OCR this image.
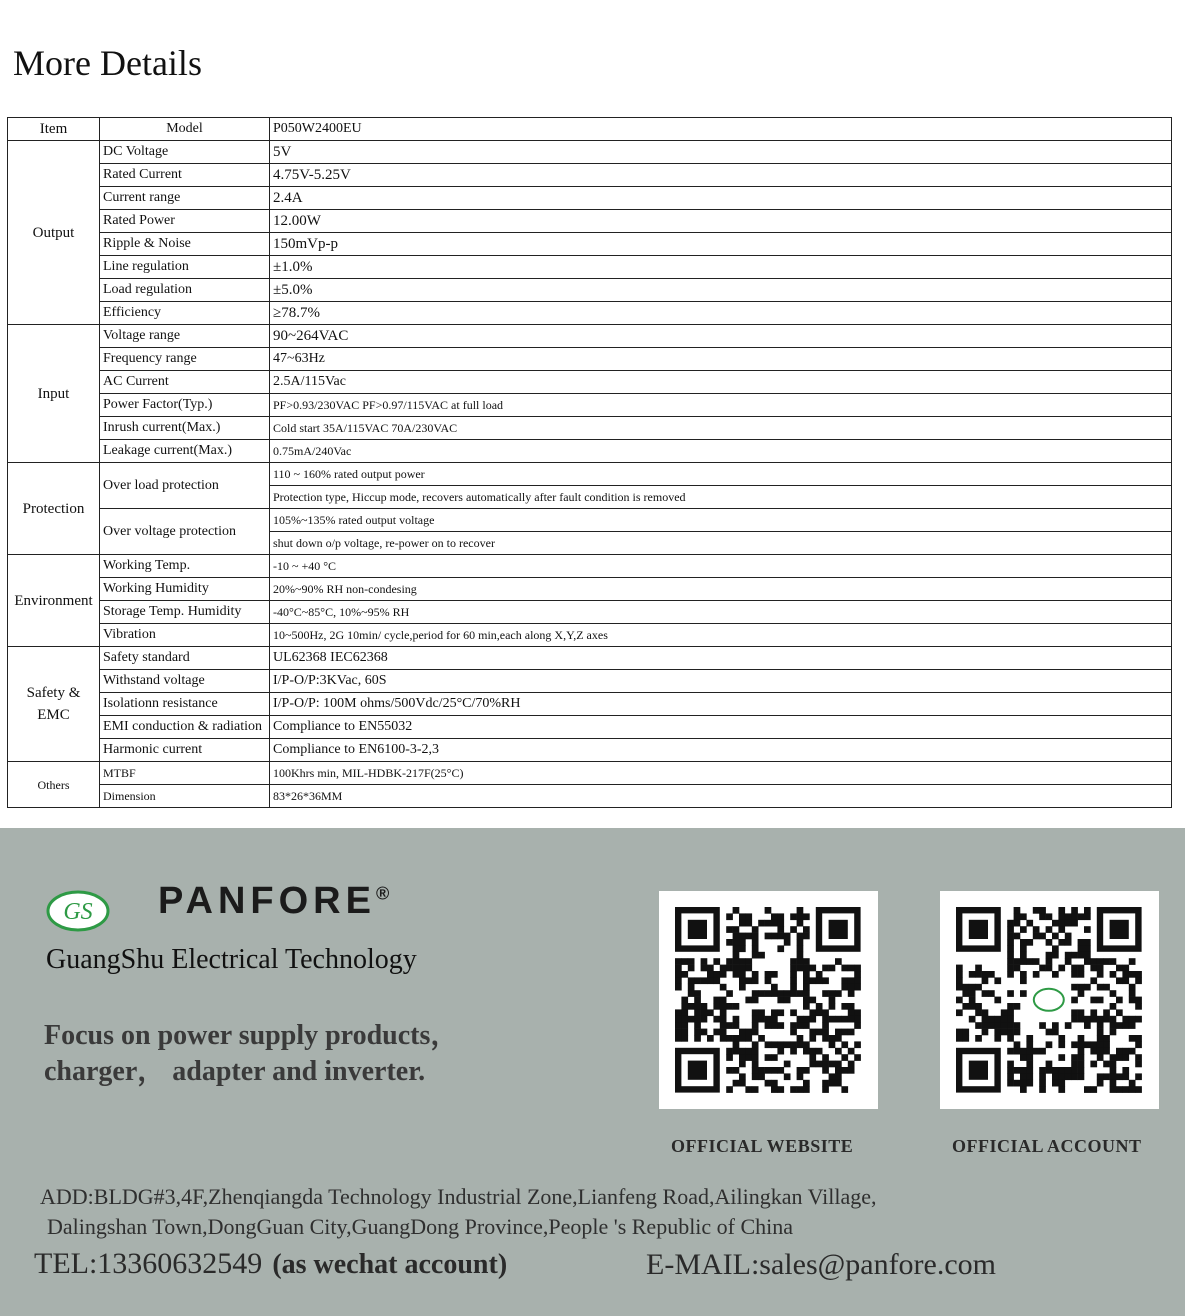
More Details
Item	Model	P050W2400EU
Output	DC Voltage	5V
	Rated Current	4.75V-5.25V
	Current range	2.4A
	Rated Power	12.00W
	Ripple & Noise	150mVp-p
	Line regulation	±1.0%
	Load regulation	±5.0%
	Efficiency	≥78.7%
Input	Voltage range	90~264VAC
	Frequency range	47~63Hz
	AC Current	2.5A/115Vac
	Power Factor(Typ.)	PF>0.93/230VAC PF>0.97/115VAC at full load
	Inrush current(Max.)	Cold start 35A/115VAC 70A/230VAC
	Leakage current(Max.)	0.75mA/240Vac
Protection	Over load protection	110 ~ 160% rated output power
		Protection type, Hiccup mode, recovers automatically after fault condition is removed
	Over voltage protection	105%~135% rated output voltage
		shut down o/p voltage, re-power on to recover
Environment	Working Temp.	-10 ~ +40 °C
	Working Humidity	20%~90% RH non-condesing
	Storage Temp. Humidity	-40°C~85°C, 10%~95% RH
	Vibration	10~500Hz, 2G 10min/ cycle,period for 60 min,each along X,Y,Z axes
Safety & EMC	Safety standard	UL62368 IEC62368
	Withstand voltage	I/P-O/P:3KVac, 60S
	Isolationn resistance	I/P-O/P: 100M ohms/500Vdc/25°C/70%RH
	EMI conduction & radiation	Compliance to EN55032
	Harmonic current	Compliance to EN6100-3-2,3
Others	MTBF	100Khrs min, MIL-HDBK-217F(25°C)
	Dimension	83*26*36MM
GS PANFORE®
GuangShu Electrical Technology
Focus on power supply products，
charger， adapter and inverter.
OFFICIAL WEBSITE	OFFICIAL ACCOUNT
ADD:BLDG#3,4F,Zhenqiangda Technology Industrial Zone,Lianfeng Road,Ailingkan Village,
Dalingshan Town,DongGuan City,GuangDong Province,People 's Republic of China
TEL:13360632549 (as wechat account)	E-MAIL:sales@panfore.com
